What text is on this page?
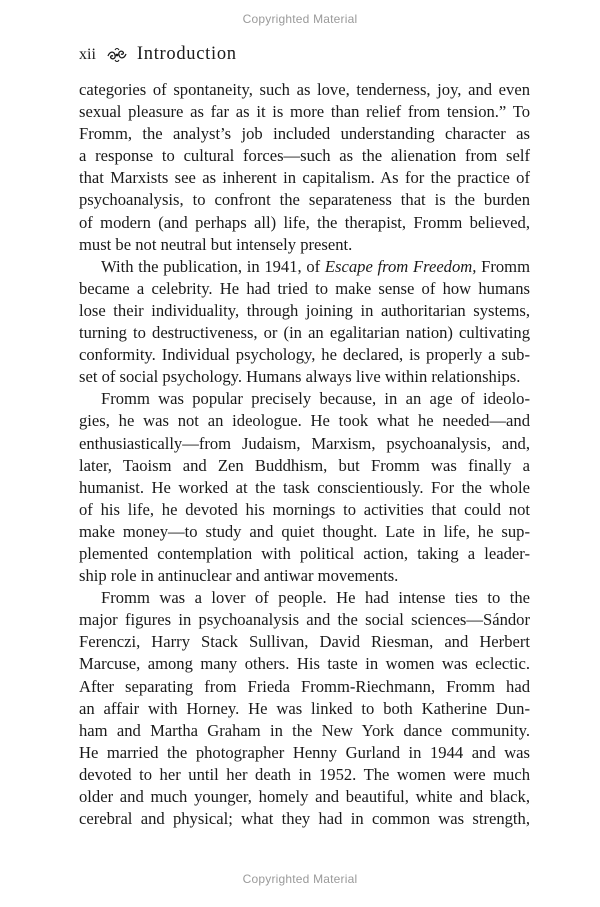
Copyrighted Material
xii Introduction

categories of spontaneity, such as love, tenderness, joy, and even
sexual pleasure as far as it is more than relief from tension.” To
Fromm, the analyst’s job included understanding character as
a response to cultural forces—such as the alienation from self
that Marxists see as inherent in capitalism. As for the practice of
psychoanalysis, to confront the separateness that is the burden
of modern (and perhaps all) life, the therapist, Fromm believed,
must be not neutral but intensely present.

With the publication, in 1941, of Escape from Freedom, Fromm
became a celebrity. He had tried to make sense of how humans
lose their individuality, through joining in authoritarian systems,
turning to destructiveness, or (in an egalitarian nation) cultivating
conformity. Individual psychology, he declared, is properly a sub-
set of social psychology. Humans always live within relationships.

Fromm was popular precisely because, in an age of ideolo-
gies, he was not an ideologue. He took what he needed—and
enthusiastically—from Judaism, Marxism, psychoanalysis, and,
later, Taoism and Zen Buddhism, but Fromm was finally a
humanist. He worked at the task conscientiously. For the whole
of his life, he devoted his mornings to activities that could not
make money—to study and quiet thought. Late in life, he sup-
plemented contemplation with political action, taking a leader-
ship role in antinuclear and antiwar movements.

Fromm was a lover of people. He had intense ties to the
major figures in psychoanalysis and the social sciences—Sándor
Ferenczi, Harry Stack Sullivan, David Riesman, and Herbert
Marcuse, among many others. His taste in women was eclectic.
After separating from Frieda Fromm-Riechmann, Fromm had
an affair with Horney. He was linked to both Katherine Dun-
ham and Martha Graham in the New York dance community.
He married the photographer Henny Gurland in 1944 and was
devoted to her until her death in 1952. The women were much
older and much younger, homely and beautiful, white and black,
cerebral and physical; what they had in common was strength,

Copyrighted Material
